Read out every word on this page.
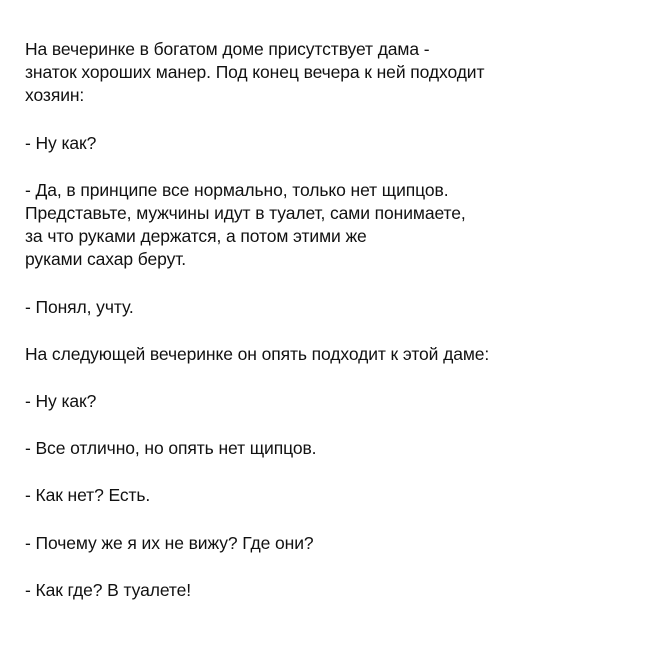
На вечеринке в богатом доме присутствует дама -
знаток хороших манер. Под конец вечера к ней подходит
хозяин:

- Ну как?

- Да, в принципе все нормально, только нет щипцов.
Представьте, мужчины идут в туалет, сами понимаете,
за что руками держатся, а потом этими же
руками сахар берут.

- Понял, учту.

На следующей вечеринке он опять подходит к этой даме:

- Ну как?

- Все отлично, но опять нет щипцов.

- Как нет? Есть.

- Почему же я их не вижу? Где они?

- Как где? В туалете!
